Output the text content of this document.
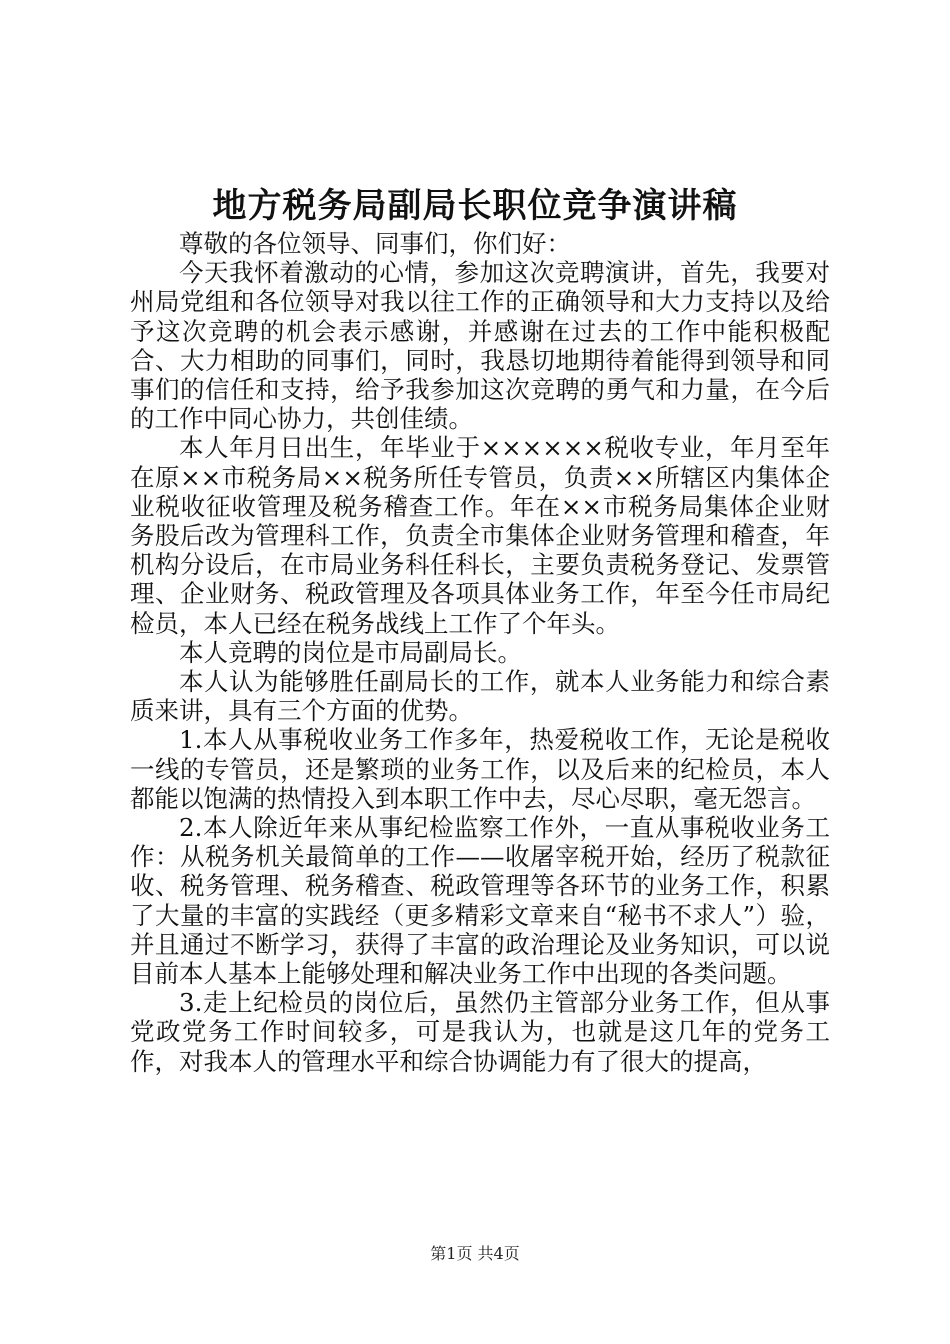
地方税务局副局长职位竞争演讲稿

尊敬的各位领导、同事们，你们好：

今天我怀着激动的心情，参加这次竞聘演讲，首先，我要对州局党组和各位领导对我以往工作的正确领导和大力支持以及给予这次竞聘的机会表示感谢，并感谢在过去的工作中能积极配合、大力相助的同事们，同时，我恳切地期待着能得到领导和同事们的信任和支持，给予我参加这次竞聘的勇气和力量，在今后的工作中同心协力，共创佳绩。

本人年月日出生，年毕业于××××××税收专业，年月至年在原××市税务局××税务所任专管员，负责××所辖区内集体企业税收征收管理及税务稽查工作。年在××市税务局集体企业财务股后改为管理科工作，负责全市集体企业财务管理和稽查，年机构分设后，在市局业务科任科长，主要负责税务登记、发票管理、企业财务、税政管理及各项具体业务工作，年至今任市局纪检员，本人已经在税务战线上工作了个年头。

本人竞聘的岗位是市局副局长。

本人认为能够胜任副局长的工作，就本人业务能力和综合素质来讲，具有三个方面的优势。

1.本人从事税收业务工作多年，热爱税收工作，无论是税收一线的专管员，还是繁琐的业务工作，以及后来的纪检员，本人都能以饱满的热情投入到本职工作中去，尽心尽职，毫无怨言。

2.本人除近年来从事纪检监察工作外，一直从事税收业务工作：从税务机关最简单的工作——收屠宰税开始，经历了税款征收、税务管理、税务稽查、税政管理等各环节的业务工作，积累了大量的丰富的实践经（更多精彩文章来自“秘书不求人”）验，并且通过不断学习，获得了丰富的政治理论及业务知识，可以说目前本人基本上能够处理和解决业务工作中出现的各类问题。

3.走上纪检员的岗位后，虽然仍主管部分业务工作，但从事党政党务工作时间较多，可是我认为，也就是这几年的党务工作，对我本人的管理水平和综合协调能力有了很大的提高，

第1页 共4页
